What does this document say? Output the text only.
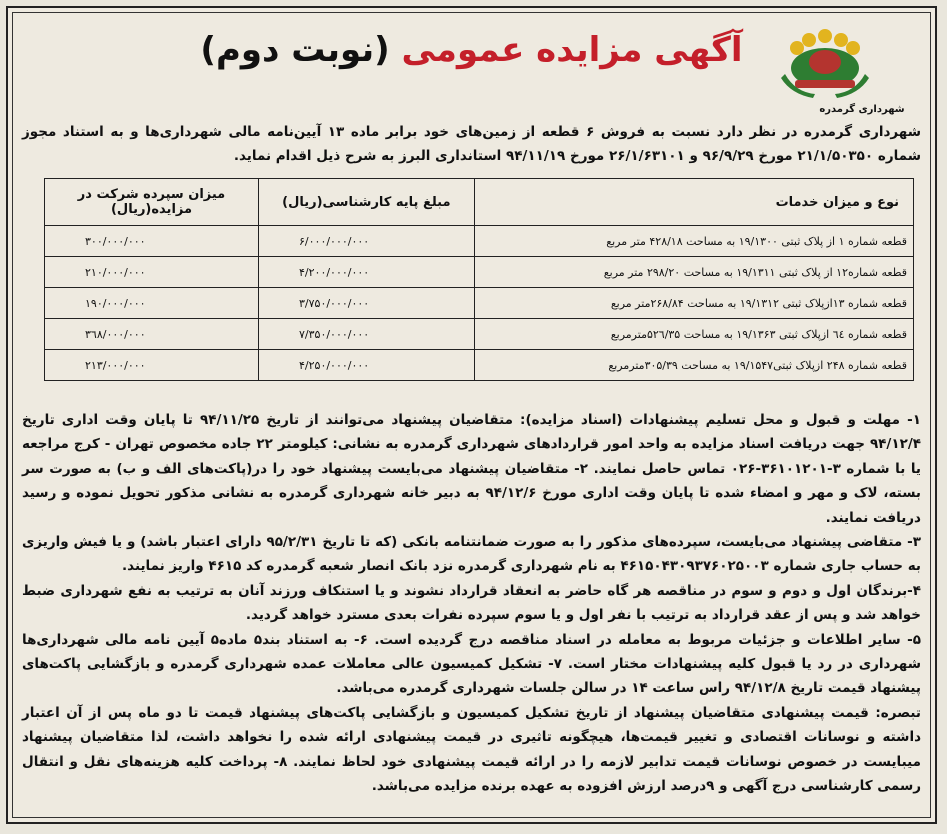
آگهی مزایده عمومی (نوبت دوم)
شهرداری گرمدره
شهرداری گرمدره در نظر دارد نسبت به فروش ۶ قطعه از زمین‌های خود برابر ماده ۱۳ آیین‌نامه مالی شهرداری‌ها و به استناد مجوز شماره ۲۱/۱/۵۰۳۵۰ مورخ ۹۶/۹/۲۹ و ۲۶/۱/۶۳۱۰۱ مورخ ۹۴/۱۱/۱۹ استانداری البرز به شرح ذیل اقدام نماید.
نوع و میزان خدمات	مبلغ پایه کارشناسی(ریال)	میزان سپرده شرکت در مزایده(ریال)
قطعه شماره ۱ از پلاک ثبتی ۱۹/۱۳۰۰ به مساحت ۴۲۸/۱۸ متر مربع	۶/۰۰۰/۰۰۰/۰۰۰	۳۰۰/۰۰۰/۰۰۰
قطعه شماره۱۲ از پلاک ثبتی ۱۹/۱۳۱۱ به مساحت ۲۹۸/۲۰ متر مربع	۴/۲۰۰/۰۰۰/۰۰۰	۲۱۰/۰۰۰/۰۰۰
قطعه شماره ۱۳ازپلاک ثبتی ۱۹/۱۳۱۲ به مساحت ۲۶۸/۸۴متر مربع	۳/۷۵۰/۰۰۰/۰۰۰	۱۹۰/۰۰۰/۰۰۰
قطعه شماره ٦٤ ازپلاک ثبتی ۱۹/۱۳۶۳ به مساحت ۵۲٦/۳۵مترمربع	۷/۳۵۰/۰۰۰/۰۰۰	۳٦۸/۰۰۰/۰۰۰
قطعه شماره ۲۴۸ ازپلاک ثبتی۱۹/۱۵۴۷ به مساحت ۳۰۵/۳۹مترمربع	۴/۲۵۰/۰۰۰/۰۰۰	۲۱۳/۰۰۰/۰۰۰

۱- مهلت و قبول و محل تسلیم پیشنهادات (اسناد مزایده): متقاضیان پیشنهاد می‌توانند از تاریخ ۹۴/۱۱/۲۵ تا پایان وقت اداری تاریخ ۹۴/۱۲/۴ جهت دریافت اسناد مزایده به واحد امور قراردادهای شهرداری گرمدره به نشانی: کیلومتر ۲۲ جاده مخصوص تهران - کرج مراجعه یا با شماره ۳-۳۶۱۰۱۲۰۱-۰۲۶ تماس حاصل نمایند. ۲- متقاضیان پیشنهاد می‌بایست پیشنهاد خود را در(پاکت‌های الف و ب) به صورت سر بسته، لاک و مهر و امضاء شده تا پایان وقت اداری مورخ ۹۴/۱۲/۶ به دبیر خانه شهرداری گرمدره به نشانی مذکور تحویل نموده و رسید دریافت نمایند.

۳- متقاضی پیشنهاد می‌بایست، سپرده‌های مذکور را به صورت ضمانتنامه بانکی (که تا تاریخ ۹۵/۲/۳۱ دارای اعتبار باشد) و یا فیش واریزی به حساب جاری شماره ۴۶۱۵۰۴۳۰۹۳۷۶۰۲۵۰۰۳ به نام شهرداری گرمدره نزد بانک انصار شعبه گرمدره کد ۴۶۱۵ واریز نمایند.

۴-برندگان اول و دوم و سوم در مناقصه هر گاه حاضر به انعقاد قرارداد نشوند و یا استنکاف ورزند آنان به ترتیب به نفع شهرداری ضبط خواهد شد و پس از عقد قرارداد به ترتیب با نفر اول و یا سوم سپرده نفرات بعدی مسترد خواهد گردید.

۵- سایر اطلاعات و جزئیات مربوط به معامله در اسناد مناقصه درج گردیده است. ۶- به استناد بند۵ ماده۵ آیین نامه مالی شهرداری‌ها شهرداری در رد یا قبول کلیه پیشنهادات مختار است. ۷- تشکیل کمیسیون عالی معاملات عمده شهرداری گرمدره و بازگشایی پاکت‌های پیشنهاد قیمت تاریخ ۹۴/۱۲/۸ راس ساعت ۱۴ در سالن جلسات شهرداری گرمدره می‌باشد.

تبصره: قیمت پیشنهادی متقاضیان پیشنهاد از تاریخ تشکیل کمیسیون و بازگشایی پاکت‌های پیشنهاد قیمت تا دو ماه پس از آن اعتبار داشته و نوسانات اقتصادی و تغییر قیمت‌ها، هیچگونه تاثیری در قیمت پیشنهادی ارائه شده را نخواهد داشت، لذا متقاضیان پیشنهاد میبایست در خصوص نوسانات قیمت تدابیر لازمه را در ارائه قیمت پیشنهادی خود لحاظ نمایند. ۸- پرداخت کلیه هزینه‌های نقل و انتقال رسمی کارشناسی درج آگهی و ۹درصد ارزش افزوده به عهده برنده مزایده می‌باشد.
